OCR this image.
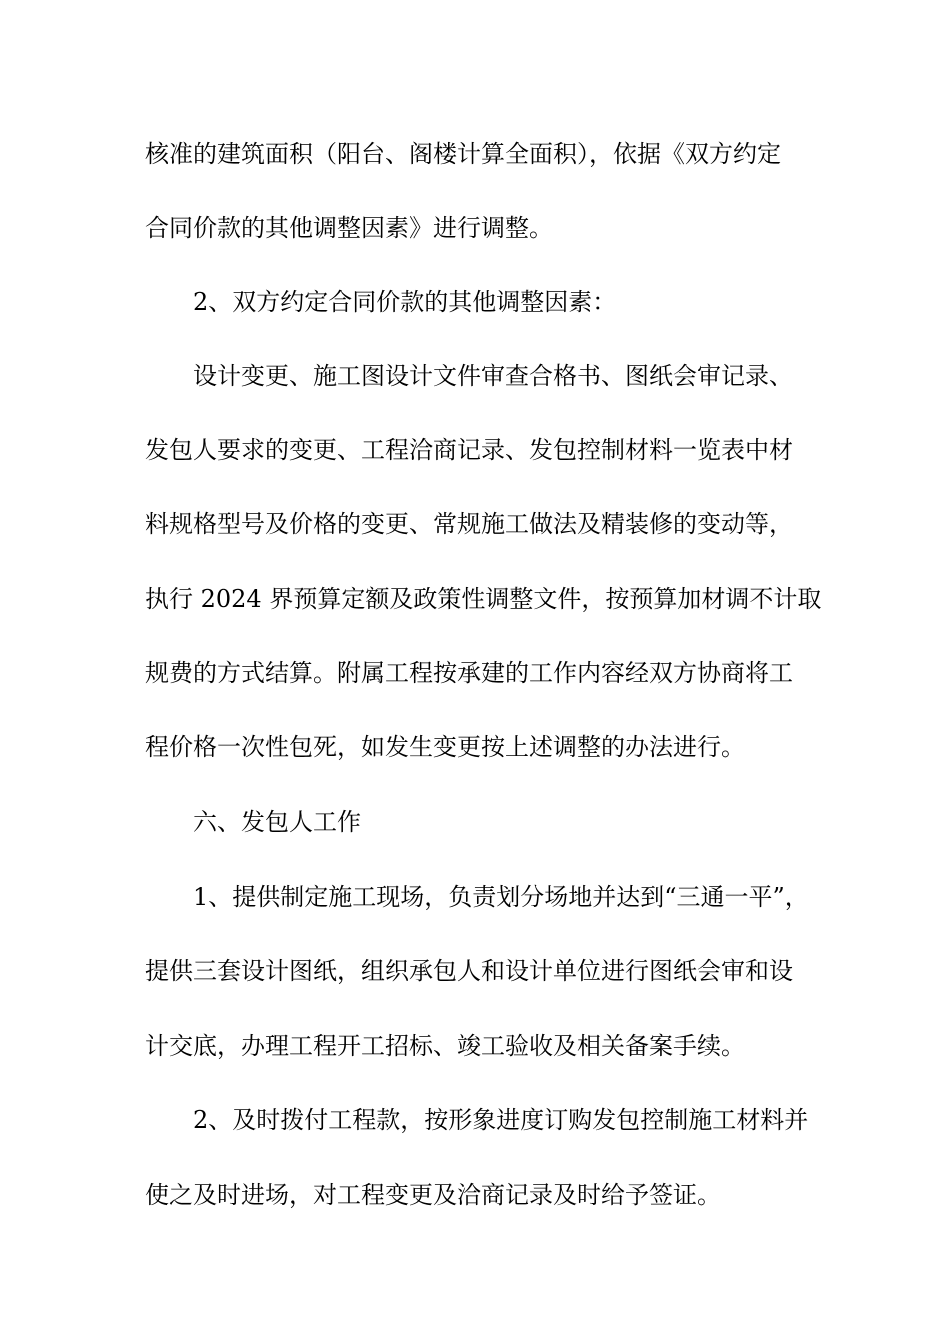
核准的建筑面积（阳台、阁楼计算全面积），依据《双方约定
合同价款的其他调整因素》进行调整。
2、双方约定合同价款的其他调整因素：
设计变更、施工图设计文件审查合格书、图纸会审记录、
发包人要求的变更、工程洽商记录、发包控制材料一览表中材
料规格型号及价格的变更、常规施工做法及精装修的变动等，
执行 2024 界预算定额及政策性调整文件，按预算加材调不计取
规费的方式结算。附属工程按承建的工作内容经双方协商将工
程价格一次性包死，如发生变更按上述调整的办法进行。
六、发包人工作
1、提供制定施工现场，负责划分场地并达到“三通一平”，
提供三套设计图纸，组织承包人和设计单位进行图纸会审和设
计交底，办理工程开工招标、竣工验收及相关备案手续。
2、及时拨付工程款，按形象进度订购发包控制施工材料并
使之及时进场，对工程变更及洽商记录及时给予签证。
